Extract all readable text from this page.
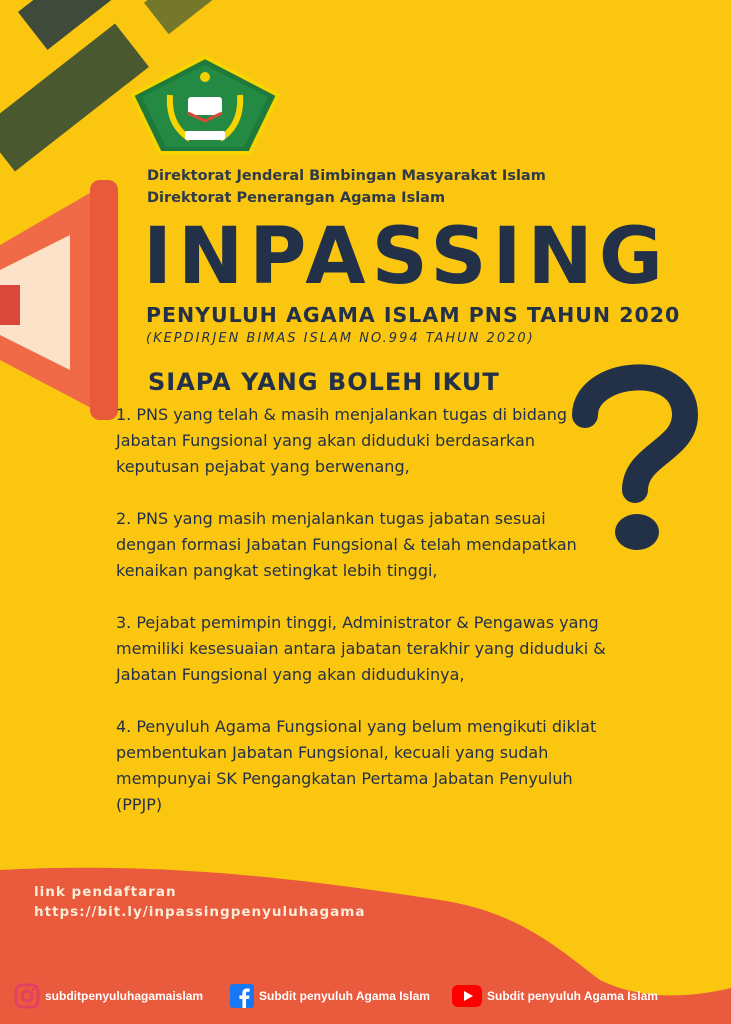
Direktorat Jenderal Bimbingan Masyarakat Islam
Direktorat Penerangan Agama Islam
INPASSING
PENYULUH AGAMA ISLAM PNS TAHUN 2020
(KEPDIRJEN BIMAS ISLAM NO.994 TAHUN 2020)
SIAPA YANG BOLEH IKUT

1. PNS yang telah & masih menjalankan tugas di bidang Jabatan Fungsional yang akan diduduki berdasarkan keputusan pejabat yang berwenang,

2. PNS yang masih menjalankan tugas jabatan sesuai dengan formasi Jabatan Fungsional & telah mendapatkan kenaikan pangkat setingkat lebih tinggi,

3. Pejabat pemimpin tinggi, Administrator & Pengawas yang memiliki kesesuaian antara jabatan terakhir yang diduduki & Jabatan Fungsional yang akan didudukinya,

4. Penyuluh Agama Fungsional yang belum mengikuti diklat pembentukan Jabatan Fungsional, kecuali yang sudah mempunyai SK Pengangkatan Pertama Jabatan Penyuluh (PPJP)

link pendaftaran
https://bit.ly/inpassingpenyuluhagama
subditpenyuluhagamaislam	Subdit penyuluh Agama Islam	Subdit penyuluh Agama Islam
